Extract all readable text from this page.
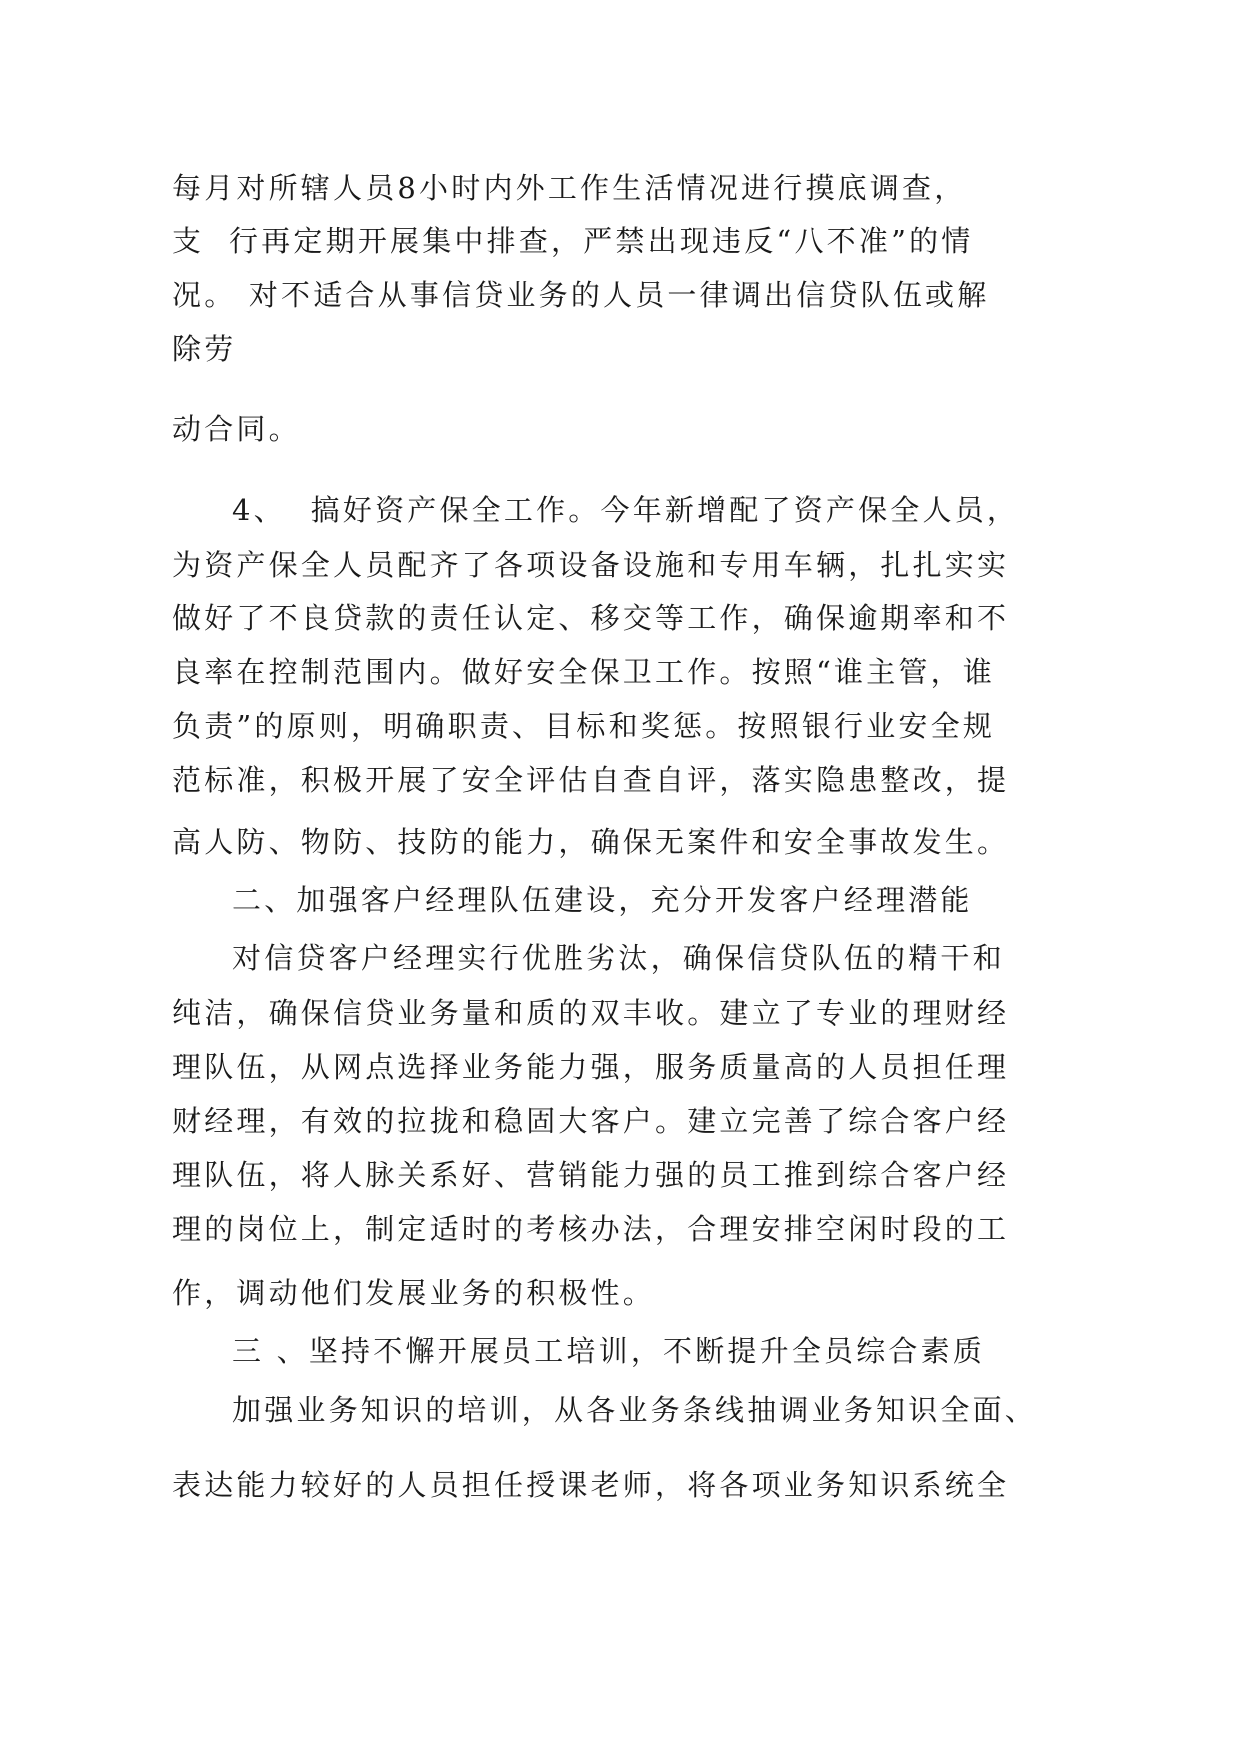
每月对所辖人员8小时内外工作生活情况进行摸底调查，
支  行再定期开展集中排查，严禁出现违反“八不准”的情
况。 对不适合从事信贷业务的人员一律调出信贷队伍或解
除劳
动合同。
4、  搞好资产保全工作。今年新增配了资产保全人员，
为资产保全人员配齐了各项设备设施和专用车辆，扎扎实实
做好了不良贷款的责任认定、移交等工作，确保逾期率和不
良率在控制范围内。做好安全保卫工作。按照“谁主管，谁
负责”的原则，明确职责、目标和奖惩。按照银行业安全规
范标准，积极开展了安全评估自查自评，落实隐患整改，提
高人防、物防、技防的能力，确保无案件和安全事故发生。
二、加强客户经理队伍建设，充分开发客户经理潜能
对信贷客户经理实行优胜劣汰，确保信贷队伍的精干和
纯洁，确保信贷业务量和质的双丰收。建立了专业的理财经
理队伍，从网点选择业务能力强，服务质量高的人员担任理
财经理，有效的拉拢和稳固大客户。建立完善了综合客户经
理队伍，将人脉关系好、营销能力强的员工推到综合客户经
理的岗位上，制定适时的考核办法，合理安排空闲时段的工
作，调动他们发展业务的积极性。
三 、坚持不懈开展员工培训，不断提升全员综合素质
加强业务知识的培训，从各业务条线抽调业务知识全面、
表达能力较好的人员担任授课老师，将各项业务知识系统全
